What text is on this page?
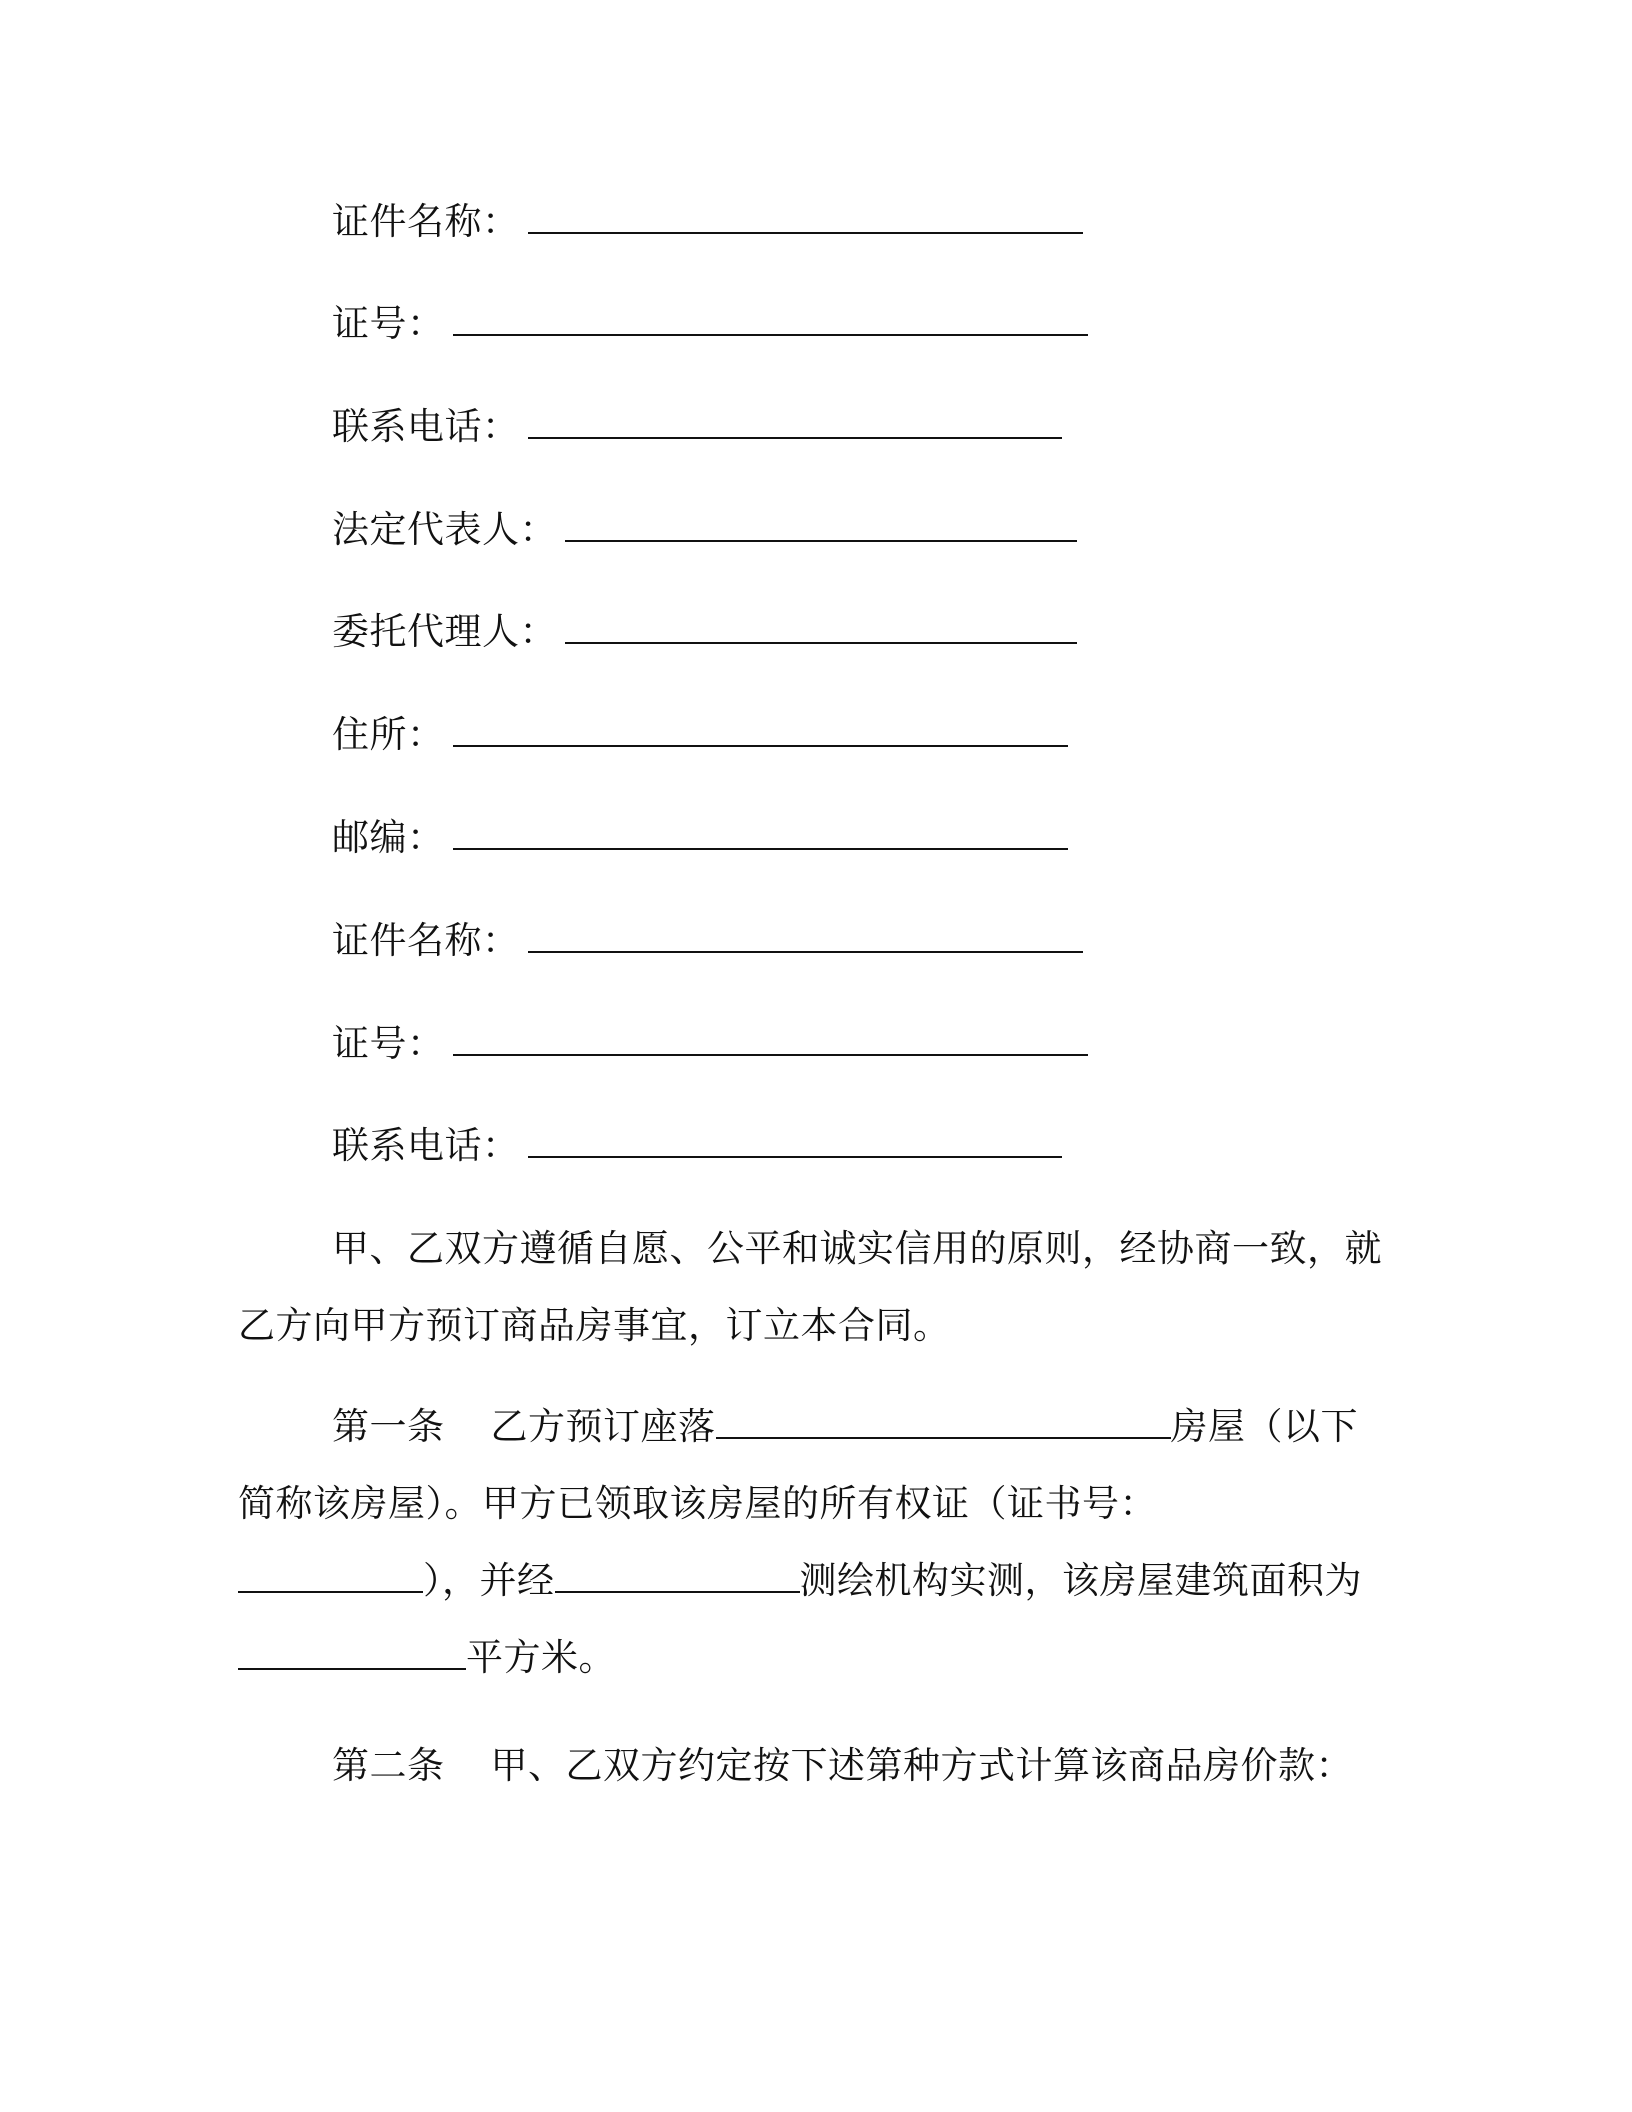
证件名称：
证号：
联系电话：
法定代表人：
委托代理人：
住所：
邮编：
证件名称：
证号：
联系电话：
甲、乙双方遵循自愿、公平和诚实信用的原则，经协商一致，就
乙方向甲方预订商品房事宜，订立本合同。
第一条 乙方预订座落	房屋（以下
简称该房屋）。甲方已领取该房屋的所有权证（证书号：
），并经	测绘机构实测，该房屋建筑面积为
平方米。
第二条 甲、乙双方约定按下述第种方式计算该商品房价款：
